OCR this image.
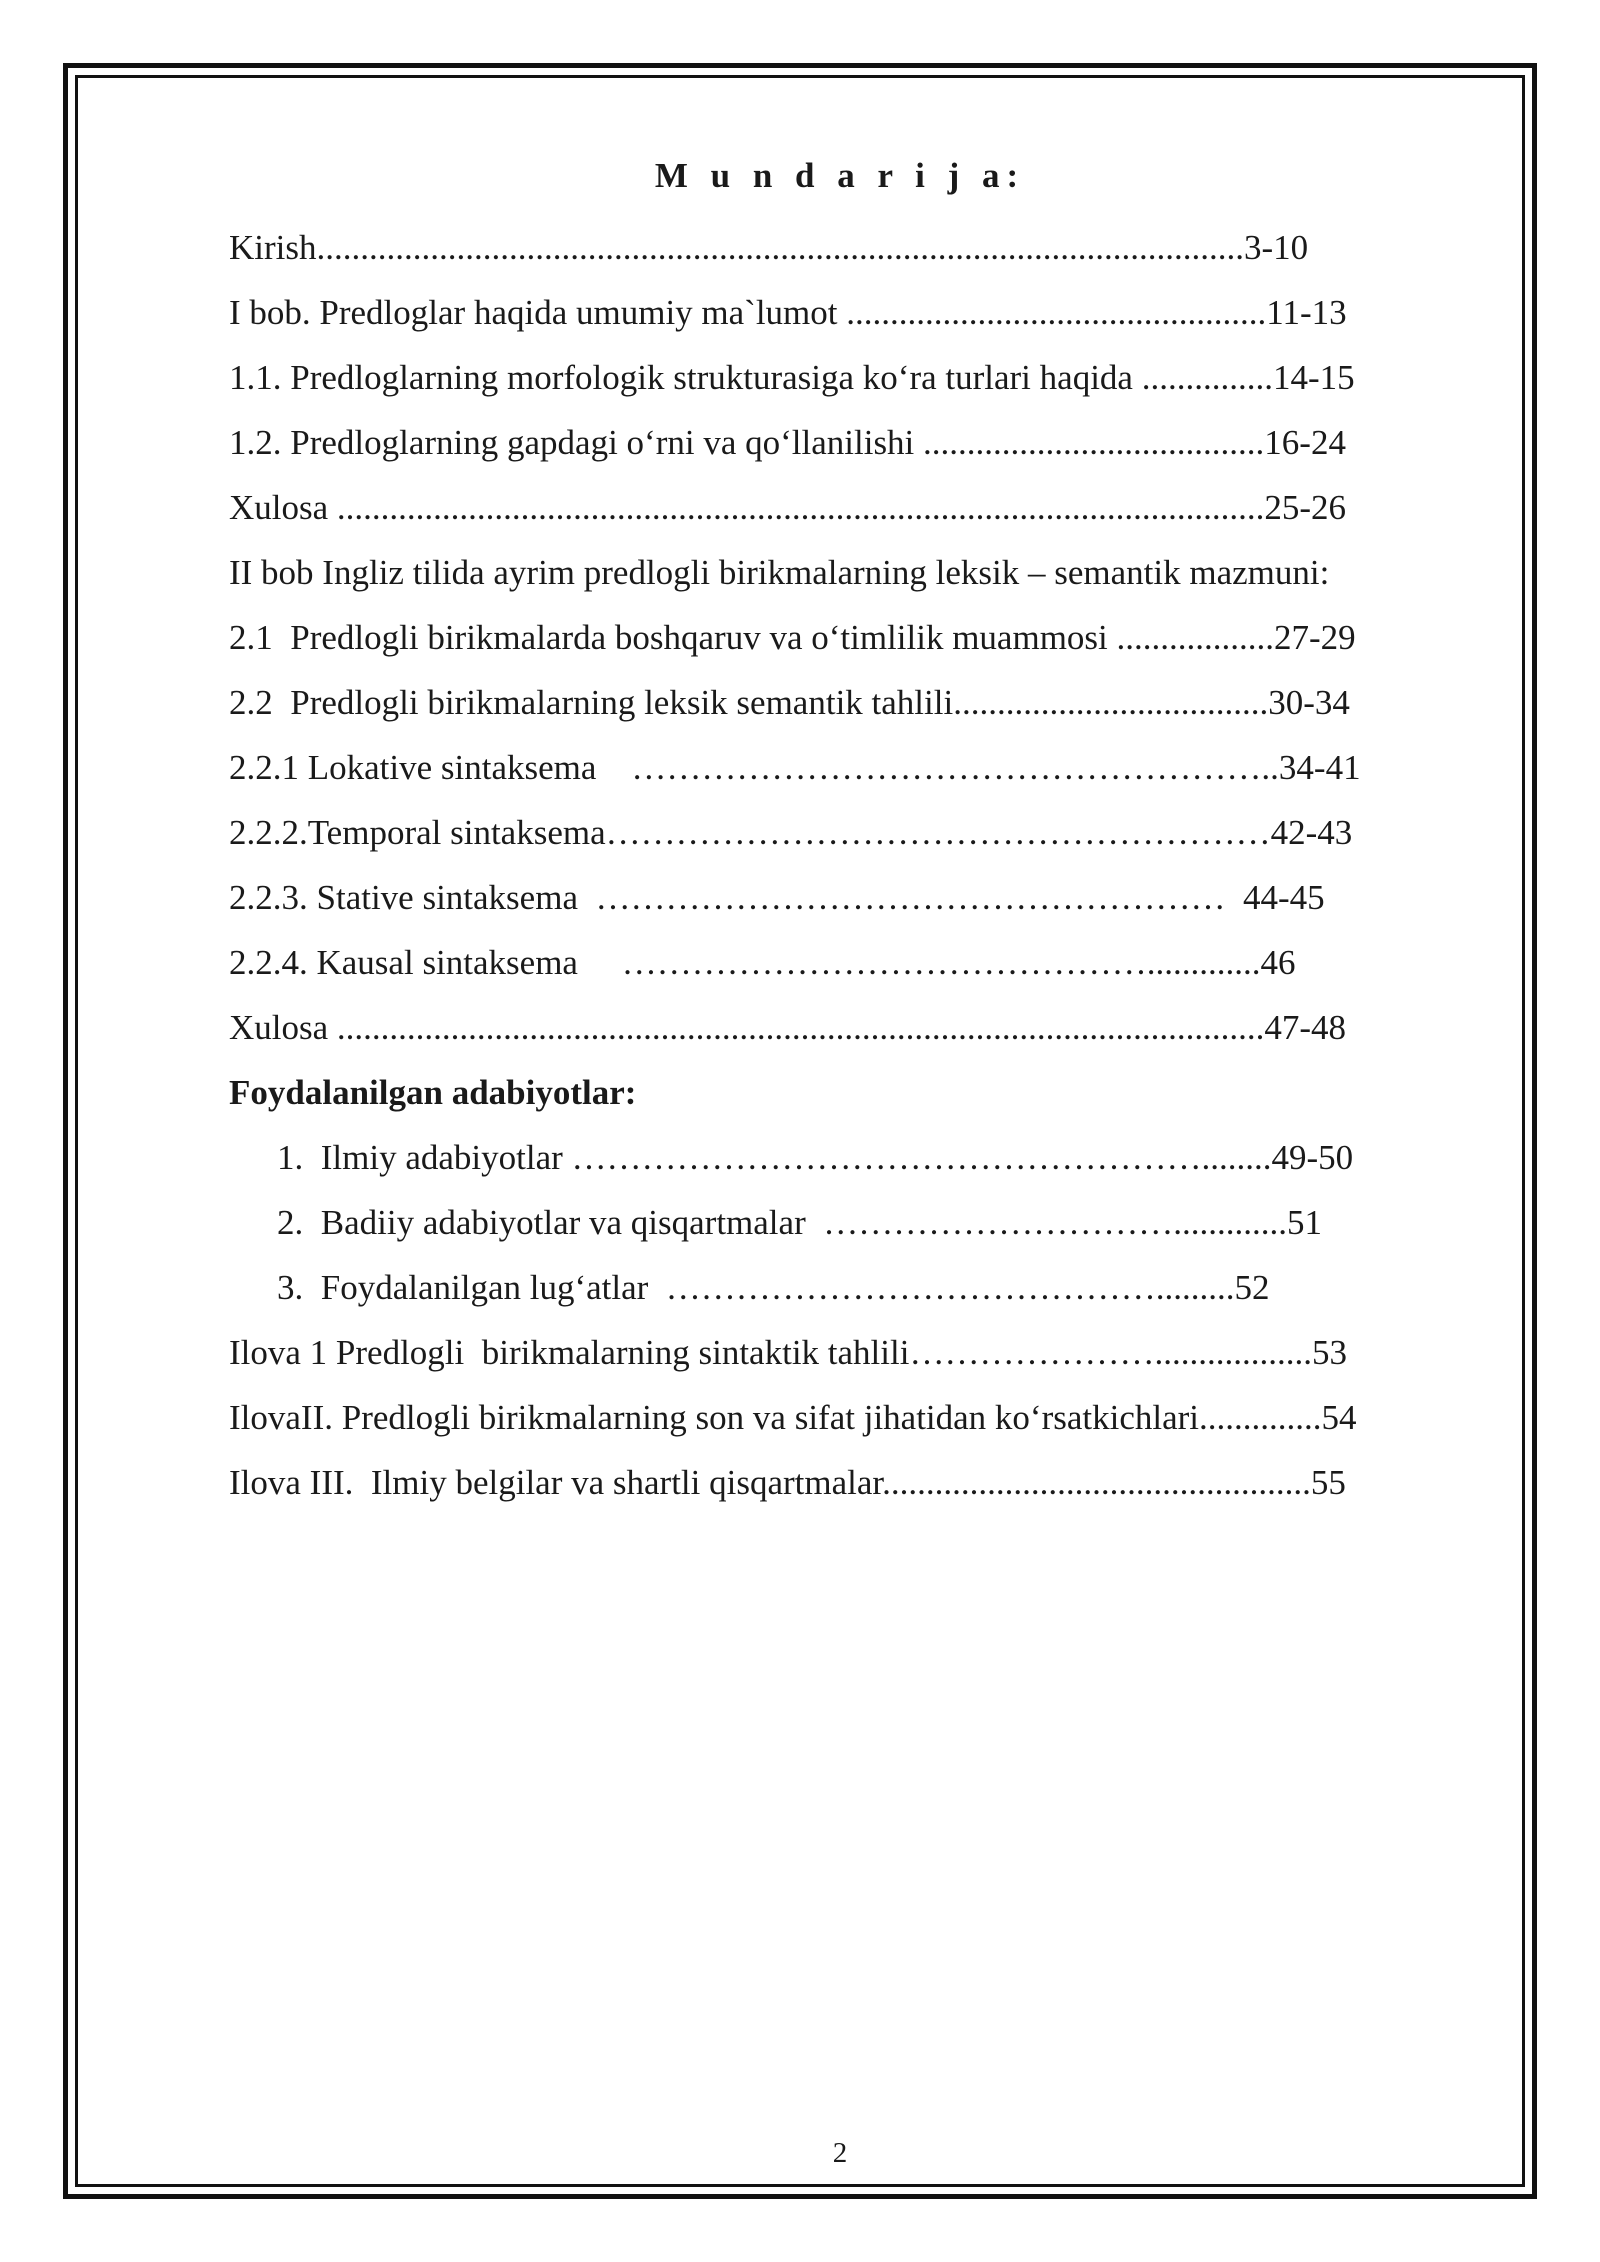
M u n d a r i j a:
Kirish..........................................................................................................3-10
I bob. Predloglar haqida umumiy ma`lumot ................................................11-13
1.1. Predloglarning morfologik strukturasiga ko‘ra turlari haqida ...............14-15
1.2. Predloglarning gapdagi o‘rni va qo‘llanilishi .......................................16-24
Xulosa ..........................................................................................................25-26
II bob Ingliz tilida ayrim predlogli birikmalarning leksik – semantik mazmuni:
2.1  Predlogli birikmalarda boshqaruv va o‘timlilik muammosi ..................27-29
2.2  Predlogli birikmalarning leksik semantik tahlili....................................30-34
2.2.1 Lokative sintaksema    ………………………………………………..34-41
2.2.2.Temporal sintaksema…………………………………………………42-43
2.2.3. Stative sintaksema  ………………………………………………  44-45
2.2.4. Kausal sintaksema     ……………………………………….............46
Xulosa ..........................................................................................................47-48
Foydalanilgan adabiyotlar:
1.  Ilmiy adabiyotlar ………………………………………………........49-50
2.  Badiiy adabiyotlar va qisqartmalar  ………………………….............51
3.  Foydalanilgan lug‘atlar  …………………………………….........52
Ilova 1 Predlogli  birikmalarning sintaktik tahlili…………………..................53
IlovaII. Predlogli birikmalarning son va sifat jihatidan ko‘rsatkichlari..............54
Ilova III.  Ilmiy belgilar va shartli qisqartmalar.................................................55
2
